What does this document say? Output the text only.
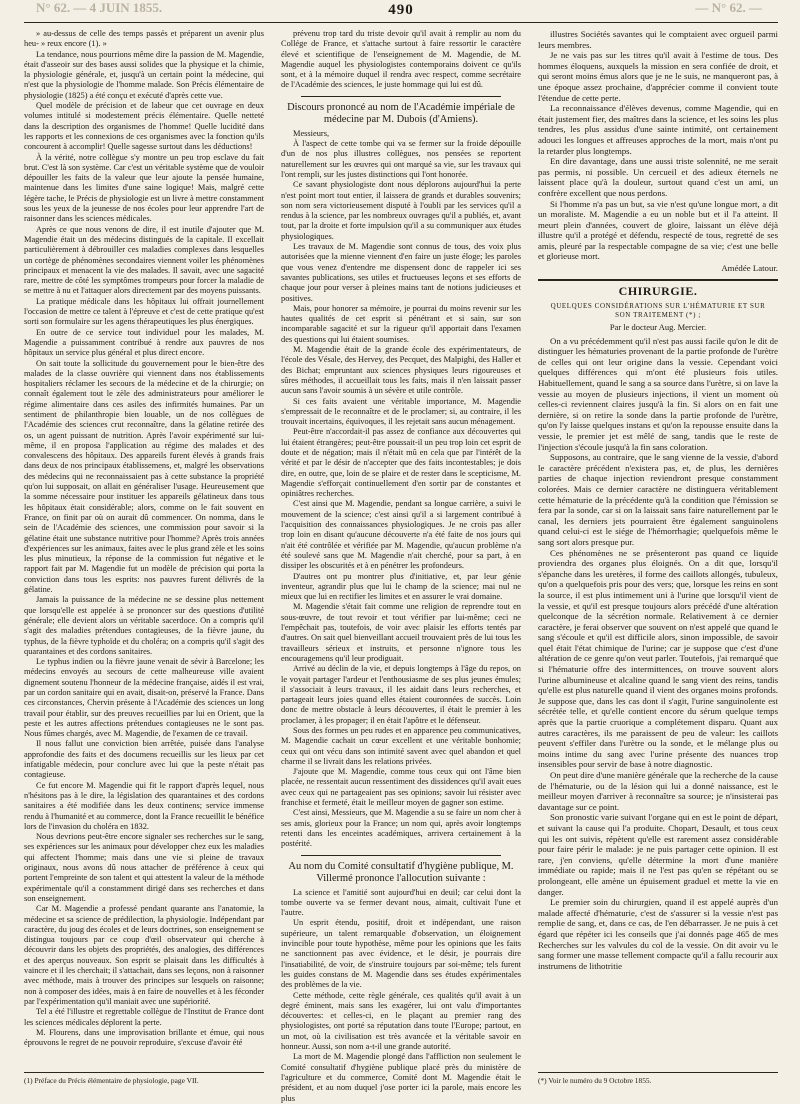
N° 62. — 4 JUIN 1855.	490	— N° 62. —

» au-dessus de celle des temps passés et préparent un avenir plus heu- » reux encore (1). »

La tendance, nous pourrions même dire la passion de M. Magendie, était d'asseoir sur des bases aussi solides que la physique et la chimie, la physiologie générale, et, jusqu'à un certain point la médecine, qui n'est que la physiologie de l'homme malade. Son Précis élémentaire de physiologie (1825) a été conçu et exécuté d'après cette vue.

Quel modèle de précision et de labeur que cet ouvrage en deux volumes intitulé si modestement précis élémentaire. Quelle netteté dans la description des organismes de l'homme! Quelle lucidité dans les rapports et les connexions de ces organismes avec la fonction qu'ils concourent à accomplir! Quelle sagesse surtout dans les déductions!

À la vérité, notre collègue s'y montre un peu trop esclave du fait brut. C'est là son système. Car c'est un véritable système que de vouloir dépouiller les faits de la valeur que leur ajoute la pensée humaine, maintenue dans les limites d'une saine logique! Mais, malgré cette légère tache, le Précis de physiologie est un livre à mettre constamment sous les yeux de la jeunesse de nos écoles pour leur apprendre l'art de raisonner dans les sciences médicales.

Après ce que nous venons de dire, il est inutile d'ajouter que M. Magendie était un des médecins distingués de la capitale. Il excellait particulièrement à débrouiller ces maladies complexes dans lesquelles un cortège de phénomènes secondaires viennent voiler les phénomènes principaux et menacent la vie des malades. Il savait, avec une sagacité rare, mettre de côté les symptômes trompeurs pour forcer la maladie de se mettre à nu et l'attaquer alors directement par des moyens puissants.

La pratique médicale dans les hôpitaux lui offrait journellement l'occasion de mettre ce talent à l'épreuve et c'est de cette pratique qu'est sorti son formulaire sur les agens thérapeutiques les plus énergiques.

En outre de ce service tout individuel pour les malades, M. Magendie a puissamment contribué à rendre aux pauvres de nos hôpitaux un service plus général et plus direct encore.

On sait toute la sollicitude du gouvernement pour le bien-être des malades de la classe ouvrière qui viennent dans nos établissements hospitaliers réclamer les secours de la médecine et de la chirurgie; on connaît également tout le zèle des administrateurs pour améliorer le régime alimentaire dans ces asiles des infirmités humaines. Par un sentiment de philanthropie bien louable, un de nos collègues de l'Académie des sciences crut reconnaître, dans la gélatine retirée des os, un agent puissant de nutrition. Après l'avoir expérimenté sur lui-même, il en proposa l'application au régime des malades et des convalescens des hôpitaux. Des appareils furent élevés à grands frais dans deux de nos principaux établissemens, et, malgré les observations des médecins qui ne reconnaissaient pas à cette substance la propriété qu'on lui supposait, on allait en généraliser l'usage. Heureusement que la somme nécessaire pour instituer les appareils gélatineux dans tous les hôpitaux était considérable; alors, comme on le fait souvent en France, on finit par où on aurait dû commencer. On nomma, dans le sein de l'Académie des sciences, une commission pour savoir si la gélatine était une substance nutritive pour l'homme? Après trois années d'expériences sur les animaux, faites avec le plus grand zèle et les soins les plus minutieux, la réponse de la commission fut négative et le rapport fait par M. Magendie fut un modèle de précision qui porta la conviction dans tous les esprits: nos pauvres furent délivrés de la gélatine.

Jamais la puissance de la médecine ne se dessine plus nettement que lorsqu'elle est appelée à se prononcer sur des questions d'utilité générale; elle devient alors un véritable sacerdoce. On a compris qu'il s'agit des maladies prétendues contagieuses, de la fièvre jaune, du typhus, de la fièvre typhoïde et du choléra; on a compris qu'il s'agit des quarantaines et des cordons sanitaires.

Le typhus indien ou la fièvre jaune venait de sévir à Barcelone; les médecins envoyés au secours de cette malheureuse ville avaient dignement soutenu l'honneur de la médecine française, aidés il est vrai, par un cordon sanitaire qui en avait, disait-on, préservé la France. Dans ces circonstances, Chervin présente à l'Académie des sciences un long travail pour établir, sur des preuves recueillies par lui en Orient, que la peste et les autres affections prétendues contagieuses ne le sont pas. Nous fûmes chargés, avec M. Magendie, de l'examen de ce travail.

Il nous fallut une conviction bien arrêtée, puisée dans l'analyse approfondie des faits et des documens recueillis sur les lieux par cet infatigable médecin, pour conclure avec lui que la peste n'était pas contagieuse.

Ce fut encore M. Magendie qui fit le rapport d'après lequel, nous n'hésitons pas à le dire, la législation des quarantaines et des cordons sanitaires a été modifiée dans les deux continens; service immense rendu à l'humanité et au commerce, dont la France recueillit le bénéfice lors de l'invasion du choléra en 1832.

Nous devrions peut-être encore signaler ses recherches sur le sang, ses expériences sur les animaux pour développer chez eux les maladies qui affectent l'homme; mais dans une vie si pleine de travaux originaux, nous avons dû nous attacher de préférence à ceux qui portent l'empreinte de son talent et qui attestent la valeur de la méthode expérimentale qu'il a constamment dirigé dans ses recherches et dans son enseignement.

Car M. Magendie a professé pendant quarante ans l'anatomie, la médecine et sa science de prédilection, la physiologie. Indépendant par caractère, du joug des écoles et de leurs doctrines, son enseignement se distingua toujours par ce coup d'œil observateur qui cherche à découvrir dans les objets des propriétés, des analogies, des différences et des aperçus nouveaux. Son esprit se plaisait dans les difficultés à vaincre et il les cherchait; il s'attachait, dans ses leçons, non à raisonner avec méthode, mais à trouver des principes sur lesquels on raisonne; non à composer des idées, mais à en faire de nouvelles et à les féconder par l'expérimentation qu'il maniait avec une supériorité.

Tel a été l'illustre et regrettable collègue de l'Institut de France dont les sciences médicales déplorent la perte.

M. Flourens, dans une improvisation brillante et émue, qui nous éprouvons le regret de ne pouvoir reproduire, s'excuse d'avoir été

(1) Préface du Précis élémentaire de physiologie, page VII.

prévenu trop tard du triste devoir qu'il avait à remplir au nom du Collége de France, et s'attache surtout à faire ressortir le caractère élevé et scientifique de l'enseignement de M. Magendie, de M. Magendie auquel les physiologistes contemporains doivent ce qu'ils sont, et à la mémoire duquel il rendra avec respect, comme secrétaire de l'Académie des sciences, le juste hommage qui lui est dû.

Discours prononcé au nom de l'Académie impériale de médecine par M. Dubois (d'Amiens).

Messieurs,

À l'aspect de cette tombe qui va se fermer sur la froide dépouille d'un de nos plus illustres collègues, nos pensées se reportent naturellement sur les œuvres qui ont marqué sa vie, sur les travaux qui l'ont rempli, sur les justes distinctions qui l'ont honorée.

Ce savant physiologiste dont nous déplorons aujourd'hui la perte n'est point mort tout entier, il laissera de grands et durables souvenirs; son nom sera victorieusement disputé à l'oubli par les services qu'il a rendus à la science, par les nombreux ouvrages qu'il a publiés, et, avant tout, par la droite et forte impulsion qu'il a su communiquer aux études physiologiques.

Les travaux de M. Magendie sont connus de tous, des voix plus autorisées que la mienne viennent d'en faire un juste éloge; les paroles que vous venez d'entendre me dispensent donc de rappeler ici ses savantes publications, ses utiles et fructueuses leçons et ses efforts de chaque jour pour verser à pleines mains tant de notions judicieuses et positives.

Mais, pour honorer sa mémoire, je pourrai du moins revenir sur les hautes qualités de cet esprit si pénétrant et si sain, sur son incomparable sagacité et sur la rigueur qu'il apportait dans l'examen des questions qui lui étaient soumises.

M. Magendie était de la grande école des expérimentateurs, de l'école des Vésale, des Hervey, des Pecquet, des Malpighi, des Haller et des Bichat; empruntant aux sciences physiques leurs rigoureuses et sûres méthodes, il accueillait tous les faits, mais il n'en laissait passer aucun sans l'avoir soumis à un sévère et utile contrôle.

Si ces faits avaient une véritable importance, M. Magendie s'empressait de le reconnaître et de le proclamer; si, au contraire, il les trouvait incertains, équivoques, il les rejetait sans aucun ménagement.

Peut-être n'accordait-il pas assez de confiance aux découvertes qui lui étaient étrangères; peut-être poussait-il un peu trop loin cet esprit de doute et de négation; mais il n'était mû en cela que par l'intérêt de la vérité et par le désir de n'accepter que des faits incontestables; je dois dire, en outre, que, loin de se plaire et de rester dans le scepticisme, M. Magendie s'efforçait continuellement d'en sortir par de constantes et opiniâtres recherches.

C'est ainsi que M. Magendie, pendant sa longue carrière, a suivi le mouvement de la science; c'est ainsi qu'il a si largement contribué à l'acquisition des connaissances physiologiques. Je ne crois pas aller trop loin en disant qu'aucune découverte n'a été faite de nos jours qui n'ait été contrôlée et vérifiée par M. Magendie, qu'aucun problème n'a été soulevé sans que M. Magendie n'ait cherché, pour sa part, à en dissiper les obscurités et à en pénétrer les profondeurs.

D'autres ont pu montrer plus d'initiative, et, par leur génie inventeur, agrandir plus que lui le champ de la science; mai nul ne mieux que lui en rectifier les limites et en assurer le vrai domaine.

M. Magendie s'était fait comme une religion de reprendre tout en sous-œuvre, de tout revoir et tout vérifier par lui-même; ceci ne l'empêchait pas, toutefois, de voir avec plaisir les efforts tentés par d'autres. On sait quel bienveillant accueil trouvaient près de lui tous les travailleurs sérieux et instruits, et personne n'ignore tous les encouragemens qu'il leur prodiguait.

Arrivé au déclin de la vie, et depuis longtemps à l'âge du repos, on le voyait partager l'ardeur et l'enthousiasme de ses plus jeunes émules; il s'associait à leurs travaux, il les aidait dans leurs recherches, et partageait leurs joies quand elles étaient couronnées de succès. Loin donc de mettre obstacle à leurs découvertes, il était le premier à les proclamer, à les propager; il en était l'apôtre et le défenseur.

Sous des formes un peu rudes et en apparence peu communicatives, M. Magendie cachait un cœur excellent et une véritable bonhomie; ceux qui ont vécu dans son intimité savent avec quel abandon et quel charme il se livrait dans les relations privées.

J'ajoute que M. Magendie, comme tous ceux qui ont l'âme bien placée, ne ressentait aucun ressentiment des dissidences qu'il avait eues avec ceux qui ne partageaient pas ses opinions; savoir lui résister avec franchise et fermeté, était le meilleur moyen de gagner son estime.

C'est ainsi, Messieurs, que M. Magendie a su se faire un nom cher à ses amis, glorieux pour la France; un nom qui, après avoir longtemps retenti dans les enceintes académiques, arrivera certainement à la postérité.

Au nom du Comité consultatif d'hygiène publique, M. Villermé prononce l'allocution suivante :

La science et l'amitié sont aujourd'hui en deuil; car celui dont la tombe ouverte va se fermer devant nous, aimait, cultivait l'une et l'autre.

Un esprit étendu, positif, droit et indépendant, une raison supérieure, un talent remarquable d'observation, un éloignement invincible pour toute hypothèse, même pour les opinions que les faits ne sanctionnent pas avec évidence, et le désir, je pourrais dire l'insatiabilité, de voir, de s'instruire toujours par soi-même; tels furent les guides constans de M. Magendie dans ses études expérimentales des problèmes de la vie.

Cette méthode, cette règle générale, ces qualités qu'il avait à un degré éminent, mais sans les exagérer, lui ont valu d'importantes découvertes: et celles-ci, en le plaçant au premier rang des physiologistes, ont porté sa réputation dans toute l'Europe; partout, en un mot, où la civilisation est très avancée et la véritable savoir en honneur. Aussi, son nom a-t-il une grande autorité.

La mort de M. Magendie plongé dans l'affliction non seulement le Comité consultatif d'hygiène publique placé près du ministère de l'agriculture et du commerce, Comité dont M. Magendie était le président, et au nom duquel j'ose porter ici la parole, mais encore les plus

illustres Sociétés savantes qui le comptaient avec orgueil parmi leurs membres.

Je ne vais pas sur les titres qu'il avait à l'estime de tous. Des hommes éloquens, auxquels la mission en sera confiée de droit, et qui seront moins émus alors que je ne le suis, ne manqueront pas, à une époque assez prochaine, d'apprécier comme il convient toute l'étendue de cette perte.

La reconnaissance d'élèves devenus, comme Magendie, qui en était justement fier, des maîtres dans la science, et les soins les plus tendres, les plus assidus d'une sainte intimité, ont certainement adouci les longues et affreuses approches de la mort, mais n'ont pu la retarder plus longtemps.

En dire davantage, dans une aussi triste solennité, ne me serait pas permis, ni possible. Un cercueil et des adieux éternels ne laissent place qu'à la douleur, surtout quand c'est un ami, un confrère excellent que nous perdons.

Si l'homme n'a pas un but, sa vie n'est qu'une longue mort, a dit un moraliste. M. Magendie a eu un noble but et il l'a atteint. Il meurt plein d'années, couvert de gloire, laissant un élève déjà illustre qu'il a protégé et défendu, respecté de tous, regretté de ses amis, pleuré par la respectable compagne de sa vie; c'est une belle et glorieuse mort.

Amédée Latour.

CHIRURGIE.
QUELQUES CONSIDÉRATIONS SUR L'HÉMATURIE ET SUR SON TRAITEMENT (*) ;
Par le docteur Aug. Mercier.

On a vu précédemment qu'il n'est pas aussi facile qu'on le dit de distinguer les hématuries provenant de la partie profonde de l'urètre de celles qui ont leur origine dans la vessie. Cependant voici quelques différences qui m'ont été plusieurs fois utiles. Habituellement, quand le sang a sa source dans l'urètre, si on lave la vessie au moyen de plusieurs injections, il vient un moment où celles-ci reviennent claires jusqu'à la fin. Si alors on en fait une dernière, si on retire la sonde dans la partie profonde de l'urètre, qu'on l'y laisse quelques instans et qu'on la repousse ensuite dans la vessie, le premier jet est mêlé de sang, tandis que le reste de l'injection s'écoule jusqu'à la fin sans coloration.

Supposons, au contraire, que le sang vienne de la vessie, d'abord le caractère précédent n'existera pas, et, de plus, les dernières parties de chaque injection reviendront presque constamment colorées. Mais ce dernier caractère ne distinguera véritablement cette hématurie de la précédente qu'à la condition que l'émission se fera par la sonde, car si on la laissait sans faire naturellement par le canal, les derniers jets pourraient être également sanguinolens quand celui-ci est le siége de l'hémorrhagie; quelquefois même le sang sort alors presque pur.

Ces phénomènes ne se présenteront pas quand ce liquide proviendra des organes plus éloignés. On a dit que, lorsqu'il s'épanche dans les uretères, il forme des caillots allongés, tubuleux, qu'on a quelquefois pris pour des vers; que, lorsque les reins en sont la source, il est plus intimement uni à l'urine que lorsqu'il vient de la vessie, et qu'il est presque toujours alors précédé d'une altération quelconque de la sécrétion normale. Relativement à ce dernier caractère, je ferai observer que souvent on n'est appelé que quand le sang s'écoule et qu'il est difficile alors, sinon impossible, de savoir quel était l'état chimique de l'urine; car je suppose que c'est d'une altération de ce genre qu'on veut parler. Toutefois, j'ai remarqué que si l'hématurie offre des intermittences, on trouve souvent alors l'urine albumineuse et alcaline quand le sang vient des reins, tandis qu'elle est plus naturelle quand il vient des organes moins profonds. Je suppose que, dans les cas dont il s'agit, l'urine sanguinolente est sécrétée telle, et qu'elle contient encore du sérum quelque temps après que la partie cruorique a complétement disparu. Quant aux autres caractères, ils me paraissent de peu de valeur: les caillots peuvent s'effiler dans l'urètre ou la sonde, et le mélange plus ou moins intime du sang avec l'urine présente des nuances trop insensibles pour servir de base à notre diagnostic.

On peut dire d'une manière générale que la recherche de la cause de l'hématurie, ou de la lésion qui lui a donné naissance, est le meilleur moyen d'arriver à reconnaître sa source; je n'insisterai pas davantage sur ce point.

Son pronostic varie suivant l'organe qui en est le point de départ, et suivant la cause qui l'a produite. Chopart, Desault, et tous ceux qui les ont suivis, répètent qu'elle est rarement assez considérable pour faire périr le malade: je ne puis partager cette opinion. Il est rare, j'en conviens, qu'elle détermine la mort d'une manière immédiate ou rapide; mais il ne l'est pas qu'en se répétant ou se prolongeant, elle amène un épuisement graduel et mette la vie en danger.

Le premier soin du chirurgien, quand il est appelé auprès d'un malade affecté d'hématurie, c'est de s'assurer si la vessie n'est pas remplie de sang, et, dans ce cas, de l'en débarrasser. Je ne puis à cet égard que répéter ici les conseils que j'ai donnés page 465 de mes Recherches sur les valvules du col de la vessie. On dit avoir vu le sang former une masse tellement compacte qu'il a fallu recourir aux instrumens de lithotritie

(*) Voir le numéro du 9 Octobre 1855.
